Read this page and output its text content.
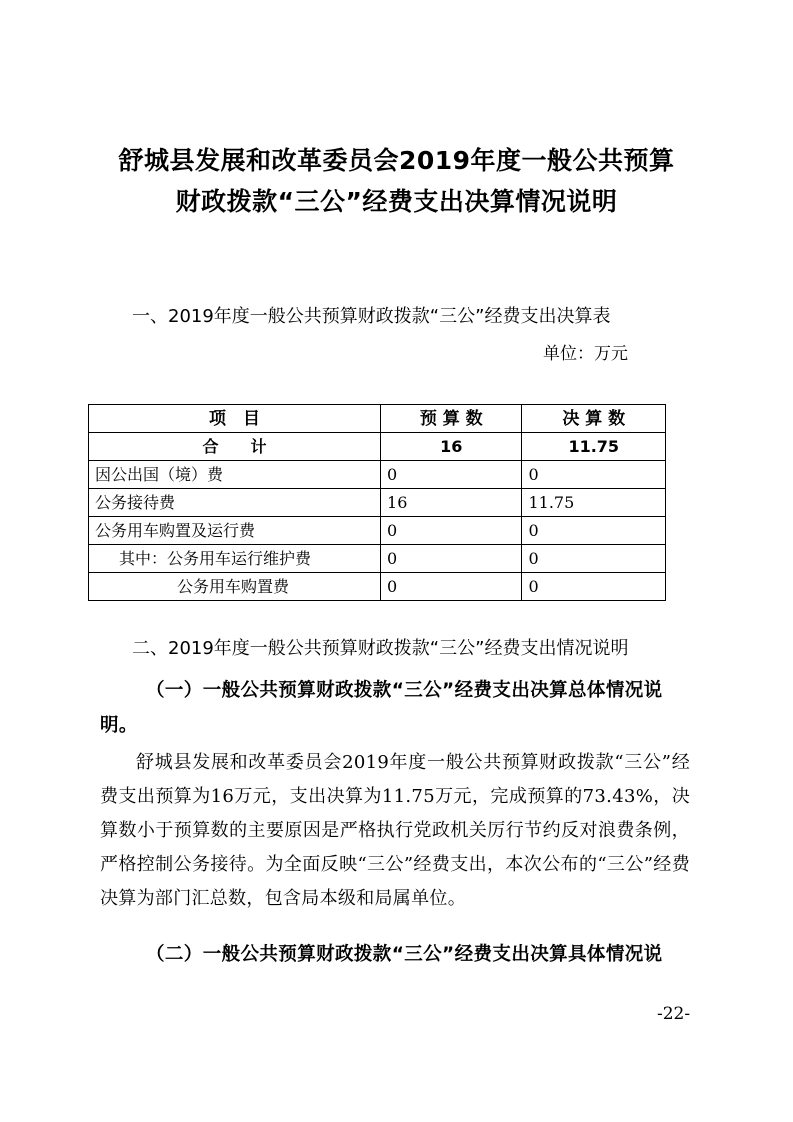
舒城县发展和改革委员会2019年度一般公共预算
财政拨款“三公”经费支出决算情况说明
一、2019年度一般公共预算财政拨款“三公”经费支出决算表
单位：万元
项　目	预 算 数	决 算 数
合　　计	16	11.75
因公出国（境）费	0	0
公务接待费	16	11.75
公务用车购置及运行费	0	0
其中：公务用车运行维护费	0	0
公务用车购置费	0	0
二、2019年度一般公共预算财政拨款“三公”经费支出情况说明
（一）一般公共预算财政拨款“三公”经费支出决算总体情况说明。
舒城县发展和改革委员会2019年度一般公共预算财政拨款“三公”经费支出预算为16万元，支出决算为11.75万元，完成预算的73.43%，决算数小于预算数的主要原因是严格执行党政机关厉行节约反对浪费条例，严格控制公务接待。为全面反映“三公”经费支出，本次公布的“三公”经费决算为部门汇总数，包含局本级和局属单位。
（二）一般公共预算财政拨款“三公”经费支出决算具体情况说
-22-
